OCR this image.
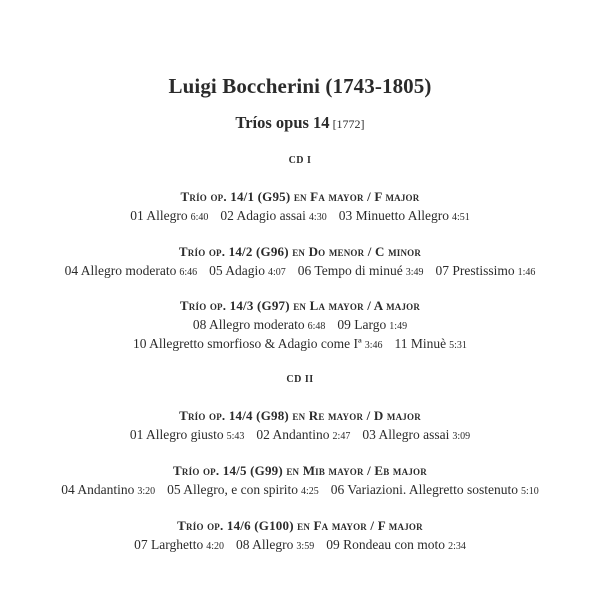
Luigi Boccherini (1743-1805)
Tríos opus 14 [1772]
CD I
CD II
Trío op. 14/1 (G95) en Fa mayor / F major
01 Allegro 6:40 02 Adagio assai 4:30 03 Minuetto Allegro 4:51
Trío op. 14/2 (G96) en Do menor / C minor
04 Allegro moderato 6:46 05 Adagio 4:07 06 Tempo di minué 3:49 07 Prestissimo 1:46
Trío op. 14/3 (G97) en La mayor / A major
08 Allegro moderato 6:48 09 Largo 1:49
10 Allegretto smorfioso & Adagio come Iª 3:46 11 Minuè 5:31
Trío op. 14/4 (G98) en Re mayor / D major
01 Allegro giusto 5:43 02 Andantino 2:47 03 Allegro assai 3:09
Trío op. 14/5 (G99) en Mib mayor / Eb major
04 Andantino 3:20 05 Allegro, e con spirito 4:25 06 Variazioni. Allegretto sostenuto 5:10
Trío op. 14/6 (G100) en Fa mayor / F major
07 Larghetto 4:20 08 Allegro 3:59 09 Rondeau con moto 2:34
